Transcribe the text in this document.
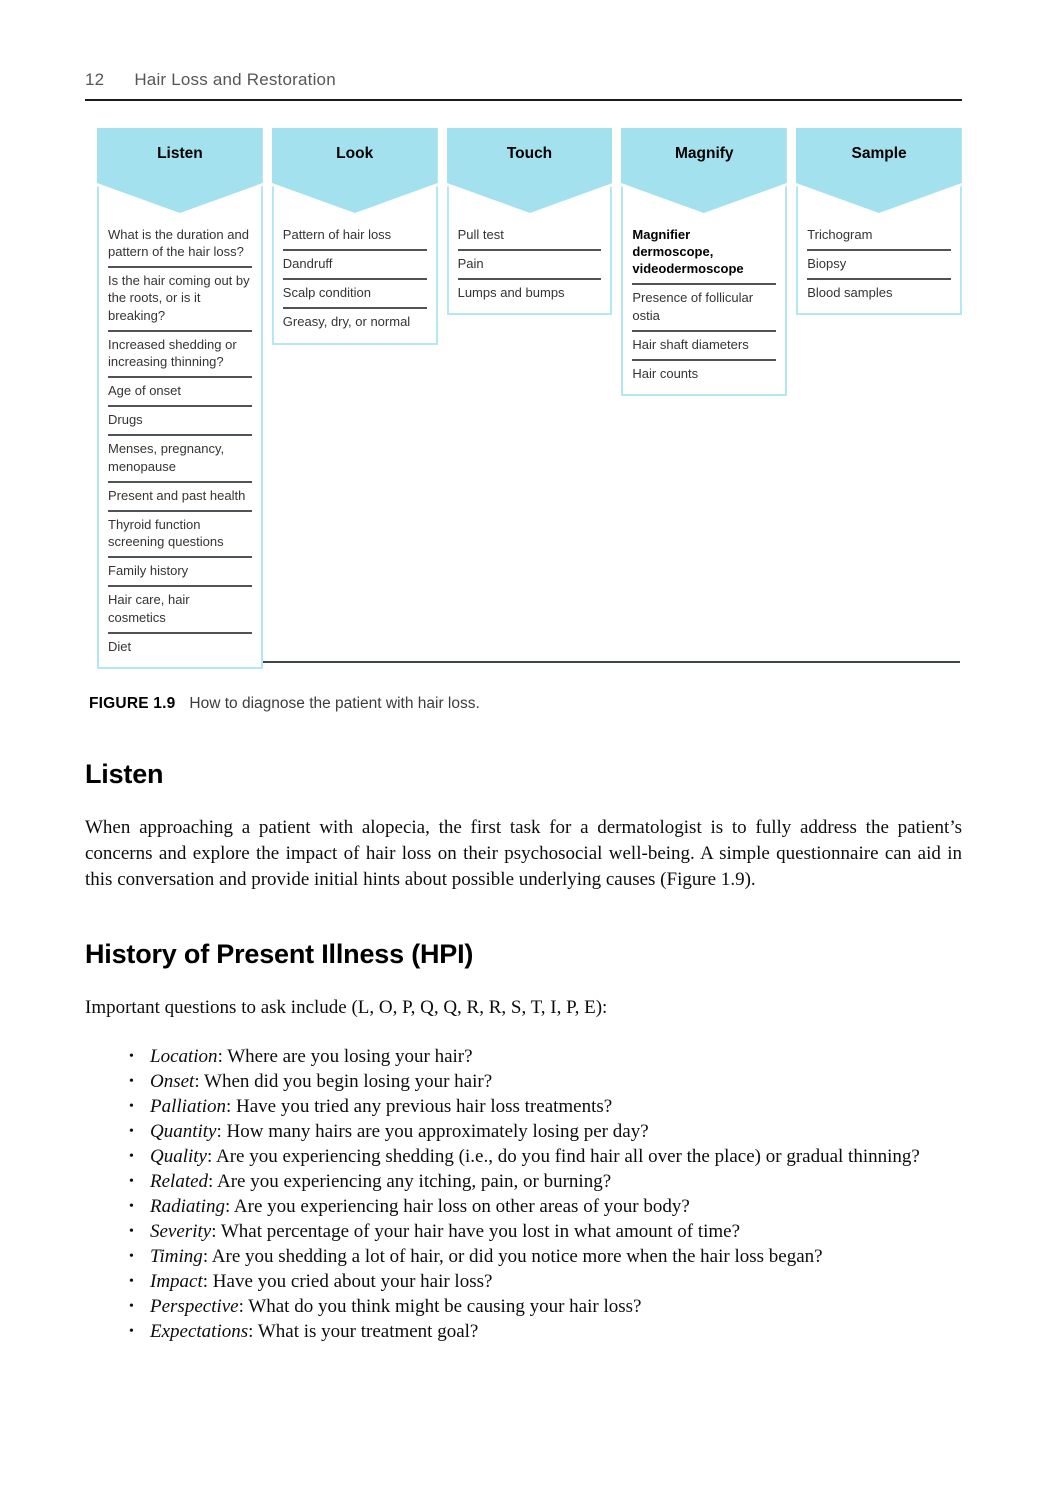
12 Hair Loss and Restoration
Listen
What is the duration and pattern of the hair loss?
Is the hair coming out by the roots, or is it breaking?
Increased shedding or increasing thinning?
Age of onset
Drugs
Menses, pregnancy, menopause
Present and past health
Thyroid function screening questions
Family history
Hair care, hair cosmetics
Diet
Look
Pattern of hair loss
Dandruff
Scalp condition
Greasy, dry, or normal
Touch
Pull test
Pain
Lumps and bumps
Magnify
Magnifier dermoscope, videodermoscope
Presence of follicular ostia
Hair shaft diameters
Hair counts
Sample
Trichogram
Biopsy
Blood samples

FIGURE 1.9 How to diagnose the patient with hair loss.

Listen

When approaching a patient with alopecia, the first task for a dermatologist is to fully address the patient’s concerns and explore the impact of hair loss on their psychosocial well-being. A simple questionnaire can aid in this conversation and provide initial hints about possible underlying causes (Figure 1.9).

History of Present Illness (HPI)

Important questions to ask include (L, O, P, Q, Q, R, R, S, T, I, P, E):

• Location: Where are you losing your hair?
• Onset: When did you begin losing your hair?
• Palliation: Have you tried any previous hair loss treatments?
• Quantity: How many hairs are you approximately losing per day?
• Quality: Are you experiencing shedding (i.e., do you find hair all over the place) or gradual thinning?
• Related: Are you experiencing any itching, pain, or burning?
• Radiating: Are you experiencing hair loss on other areas of your body?
• Severity: What percentage of your hair have you lost in what amount of time?
• Timing: Are you shedding a lot of hair, or did you notice more when the hair loss began?
• Impact: Have you cried about your hair loss?
• Perspective: What do you think might be causing your hair loss?
• Expectations: What is your treatment goal?
